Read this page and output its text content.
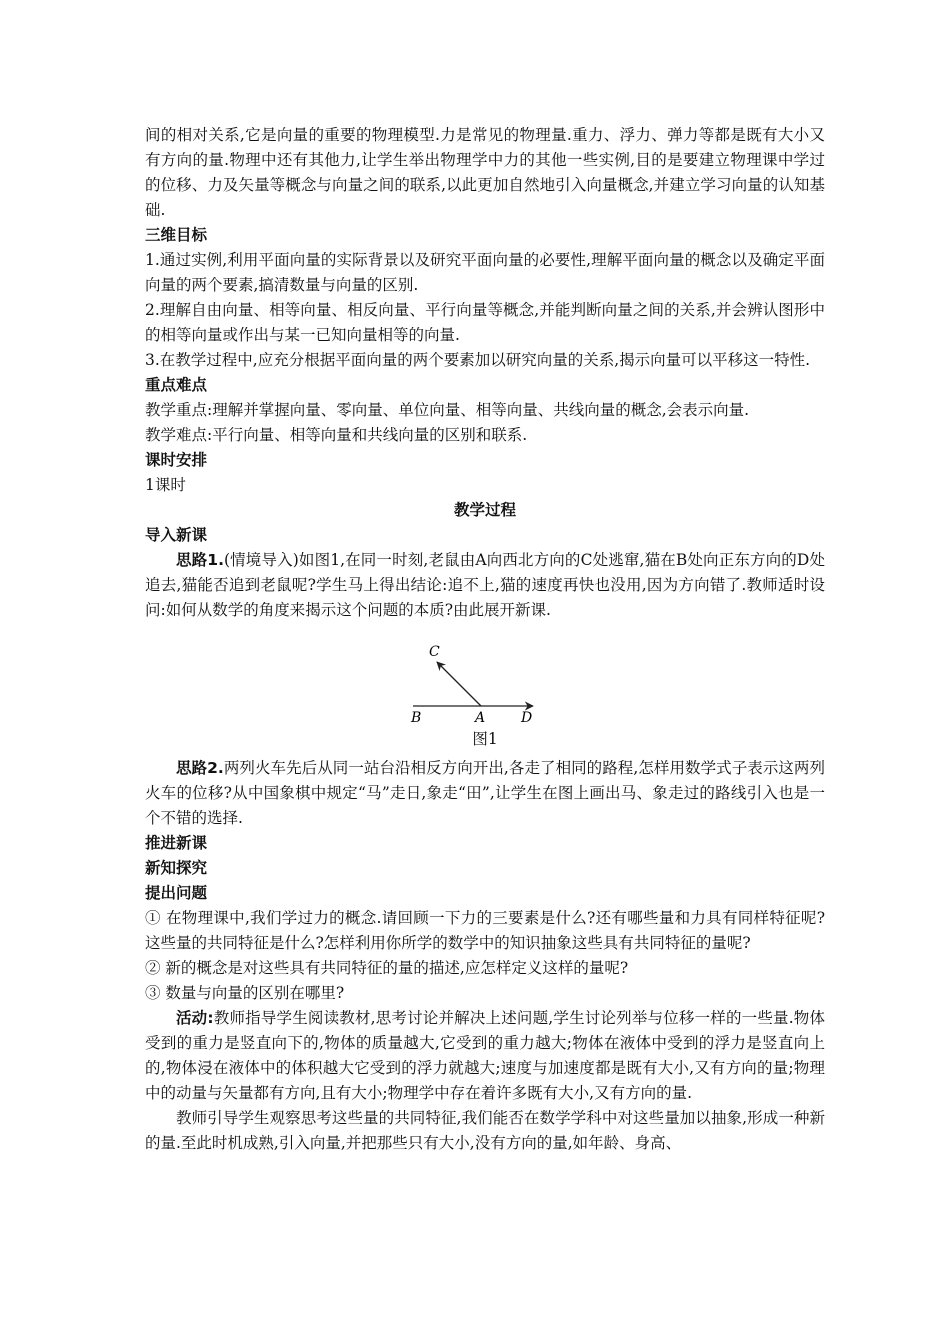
间的相对关系,它是向量的重要的物理模型.力是常见的物理量.重力、浮力、弹力等都是既有大小又有方向的量.物理中还有其他力,让学生举出物理学中力的其他一些实例,目的是要建立物理课中学过的位移、力及矢量等概念与向量之间的联系,以此更加自然地引入向量概念,并建立学习向量的认知基础.

三维目标

1.通过实例,利用平面向量的实际背景以及研究平面向量的必要性,理解平面向量的概念以及确定平面向量的两个要素,搞清数量与向量的区别.

2.理解自由向量、相等向量、相反向量、平行向量等概念,并能判断向量之间的关系,并会辨认图形中的相等向量或作出与某一已知向量相等的向量.

3.在教学过程中,应充分根据平面向量的两个要素加以研究向量的关系,揭示向量可以平移这一特性.

重点难点

教学重点:理解并掌握向量、零向量、单位向量、相等向量、共线向量的概念,会表示向量.

教学难点:平行向量、相等向量和共线向量的区别和联系.

课时安排

1课时

教学过程

导入新课

思路1.(情境导入)如图1,在同一时刻,老鼠由A向西北方向的C处逃窜,猫在B处向正东方向的D处追去,猫能否追到老鼠呢?学生马上得出结论:追不上,猫的速度再快也没用,因为方向错了.教师适时设问:如何从数学的角度来揭示这个问题的本质?由此展开新课.

C
B	A	D

图1

思路2.两列火车先后从同一站台沿相反方向开出,各走了相同的路程,怎样用数学式子表示这两列火车的位移?从中国象棋中规定“马”走日,象走“田”,让学生在图上画出马、象走过的路线引入也是一个不错的选择.

推进新课

新知探究

提出问题

① 在物理课中,我们学过力的概念.请回顾一下力的三要素是什么?还有哪些量和力具有同样特征呢?这些量的共同特征是什么?怎样利用你所学的数学中的知识抽象这些具有共同特征的量呢?

② 新的概念是对这些具有共同特征的量的描述,应怎样定义这样的量呢?

③ 数量与向量的区别在哪里?

活动:教师指导学生阅读教材,思考讨论并解决上述问题,学生讨论列举与位移一样的一些量.物体受到的重力是竖直向下的,物体的质量越大,它受到的重力越大;物体在液体中受到的浮力是竖直向上的,物体浸在液体中的体积越大它受到的浮力就越大;速度与加速度都是既有大小,又有方向的量;物理中的动量与矢量都有方向,且有大小;物理学中存在着许多既有大小,又有方向的量.

教师引导学生观察思考这些量的共同特征,我们能否在数学学科中对这些量加以抽象,形成一种新的量.至此时机成熟,引入向量,并把那些只有大小,没有方向的量,如年龄、身高、
